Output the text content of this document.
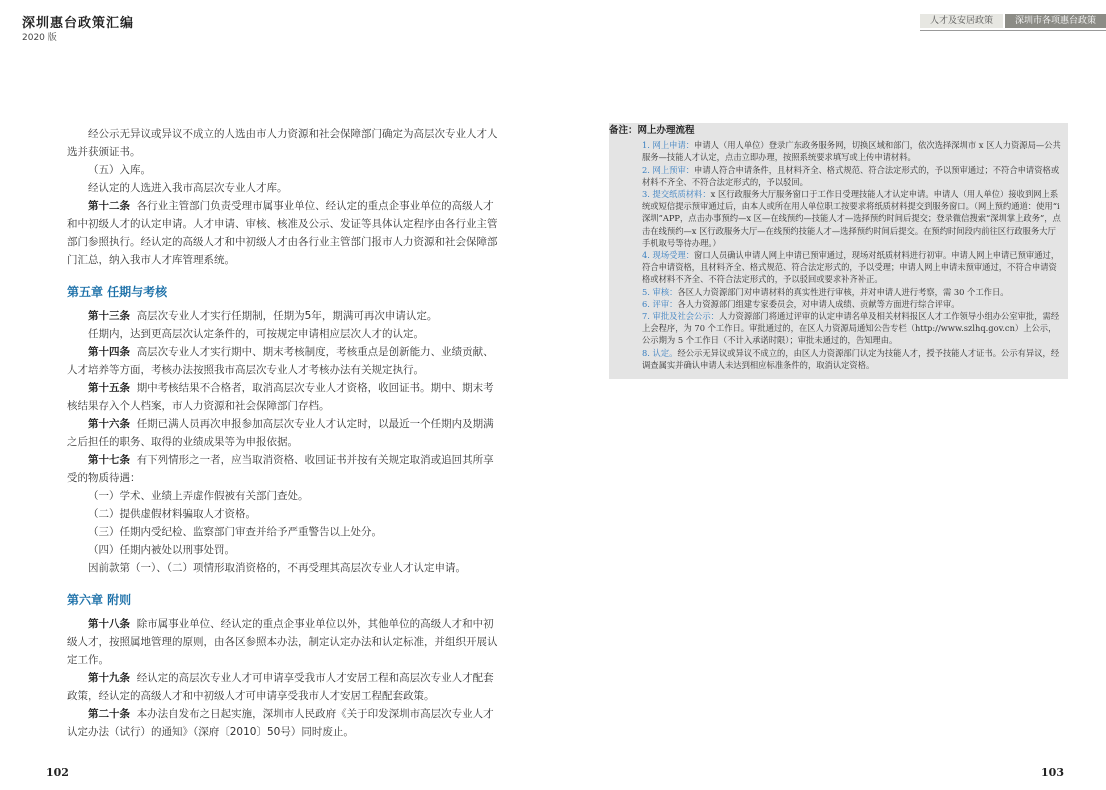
深圳惠台政策汇编
2020 版
人才及安居政策	深圳市各项惠台政策

经公示无异议或异议不成立的人选由市人力资源和社会保障部门确定为高层次专业人才人选并获颁证书。

（五）入库。

经认定的人选进入我市高层次专业人才库。

第十二条 各行业主管部门负责受理市属事业单位、经认定的重点企事业单位的高级人才和中初级人才的认定申请。人才申请、审核、核准及公示、发证等具体认定程序由各行业主管部门参照执行。经认定的高级人才和中初级人才由各行业主管部门报市人力资源和社会保障部门汇总，纳入我市人才库管理系统。

第五章 任期与考核

第十三条 高层次专业人才实行任期制，任期为5年，期满可再次申请认定。

任期内，达到更高层次认定条件的，可按规定申请相应层次人才的认定。

第十四条 高层次专业人才实行期中、期末考核制度，考核重点是创新能力、业绩贡献、人才培养等方面，考核办法按照我市高层次专业人才考核办法有关规定执行。

第十五条 期中考核结果不合格者，取消高层次专业人才资格，收回证书。期中、期末考核结果存入个人档案，市人力资源和社会保障部门存档。

第十六条 任期已满人员再次申报参加高层次专业人才认定时，以最近一个任期内及期满之后担任的职务、取得的业绩成果等为申报依据。

第十七条 有下列情形之一者，应当取消资格、收回证书并按有关规定取消或追回其所享受的物质待遇：

（一）学术、业绩上弄虚作假被有关部门查处。

（二）提供虚假材料骗取人才资格。

（三）任期内受纪检、监察部门审查并给予严重警告以上处分。

（四）任期内被处以刑事处罚。

因前款第（一）、（二）项情形取消资格的，不再受理其高层次专业人才认定申请。

第六章 附则

第十八条 除市属事业单位、经认定的重点企事业单位以外，其他单位的高级人才和中初级人才，按照属地管理的原则，由各区参照本办法，制定认定办法和认定标准，并组织开展认定工作。

第十九条 经认定的高层次专业人才可申请享受我市人才安居工程和高层次专业人才配套政策，经认定的高级人才和中初级人才可申请享受我市人才安居工程配套政策。

第二十条 本办法自发布之日起实施，深圳市人民政府《关于印发深圳市高层次专业人才认定办法（试行）的通知》（深府〔2010〕50号）同时废止。

备注：网上办理流程

1. 网上申请：申请人（用人单位）登录广东政务服务网，切换区域和部门，依次选择深圳市 x 区人力资源局—公共服务—技能人才认定，点击立即办理，按照系统要求填写或上传申请材料。

2. 网上预审：申请人符合申请条件，且材料齐全、格式规范、符合法定形式的，予以预审通过；不符合申请资格或材料不齐全、不符合法定形式的，予以驳回。

3. 提交纸质材料：x 区行政服务大厅服务窗口于工作日受理技能人才认定申请。申请人（用人单位）接收到网上系统或短信提示预审通过后，由本人或所在用人单位职工按要求将纸质材料提交到服务窗口。（网上预约通道：使用“i 深圳”APP，点击办事预约—x 区—在线预约—技能人才—选择预约时间后提交；登录微信搜索“深圳掌上政务”，点击在线预约—x 区行政服务大厅—在线预约技能人才—选择预约时间后提交。在预约时间段内前往区行政服务大厅手机取号等待办理。）

4. 现场受理：窗口人员确认申请人网上申请已预审通过，现场对纸质材料进行初审。申请人网上申请已预审通过，符合申请资格，且材料齐全、格式规范、符合法定形式的，予以受理；申请人网上申请未预审通过，不符合申请资格或材料不齐全、不符合法定形式的，予以驳回或要求补齐补正。

5. 审核：各区人力资源部门对申请材料的真实性进行审核，并对申请人进行考察，需 30 个工作日。

6. 评审：各人力资源部门组建专家委员会，对申请人成绩、贡献等方面进行综合评审。

7. 审批及社会公示：人力资源部门将通过评审的认定申请名单及相关材料报区人才工作领导小组办公室审批，需经上会程序，为 70 个工作日。审批通过的，在区人力资源局通知公告专栏（http://www.szlhq.gov.cn）上公示，公示期为 5 个工作日（不计入承诺时限）；审批未通过的，告知理由。

8. 认定。经公示无异议或异议不成立的，由区人力资源部门认定为技能人才，授予技能人才证书。公示有异议，经调查属实并确认申请人未达到相应标准条件的，取消认定资格。

102	103
